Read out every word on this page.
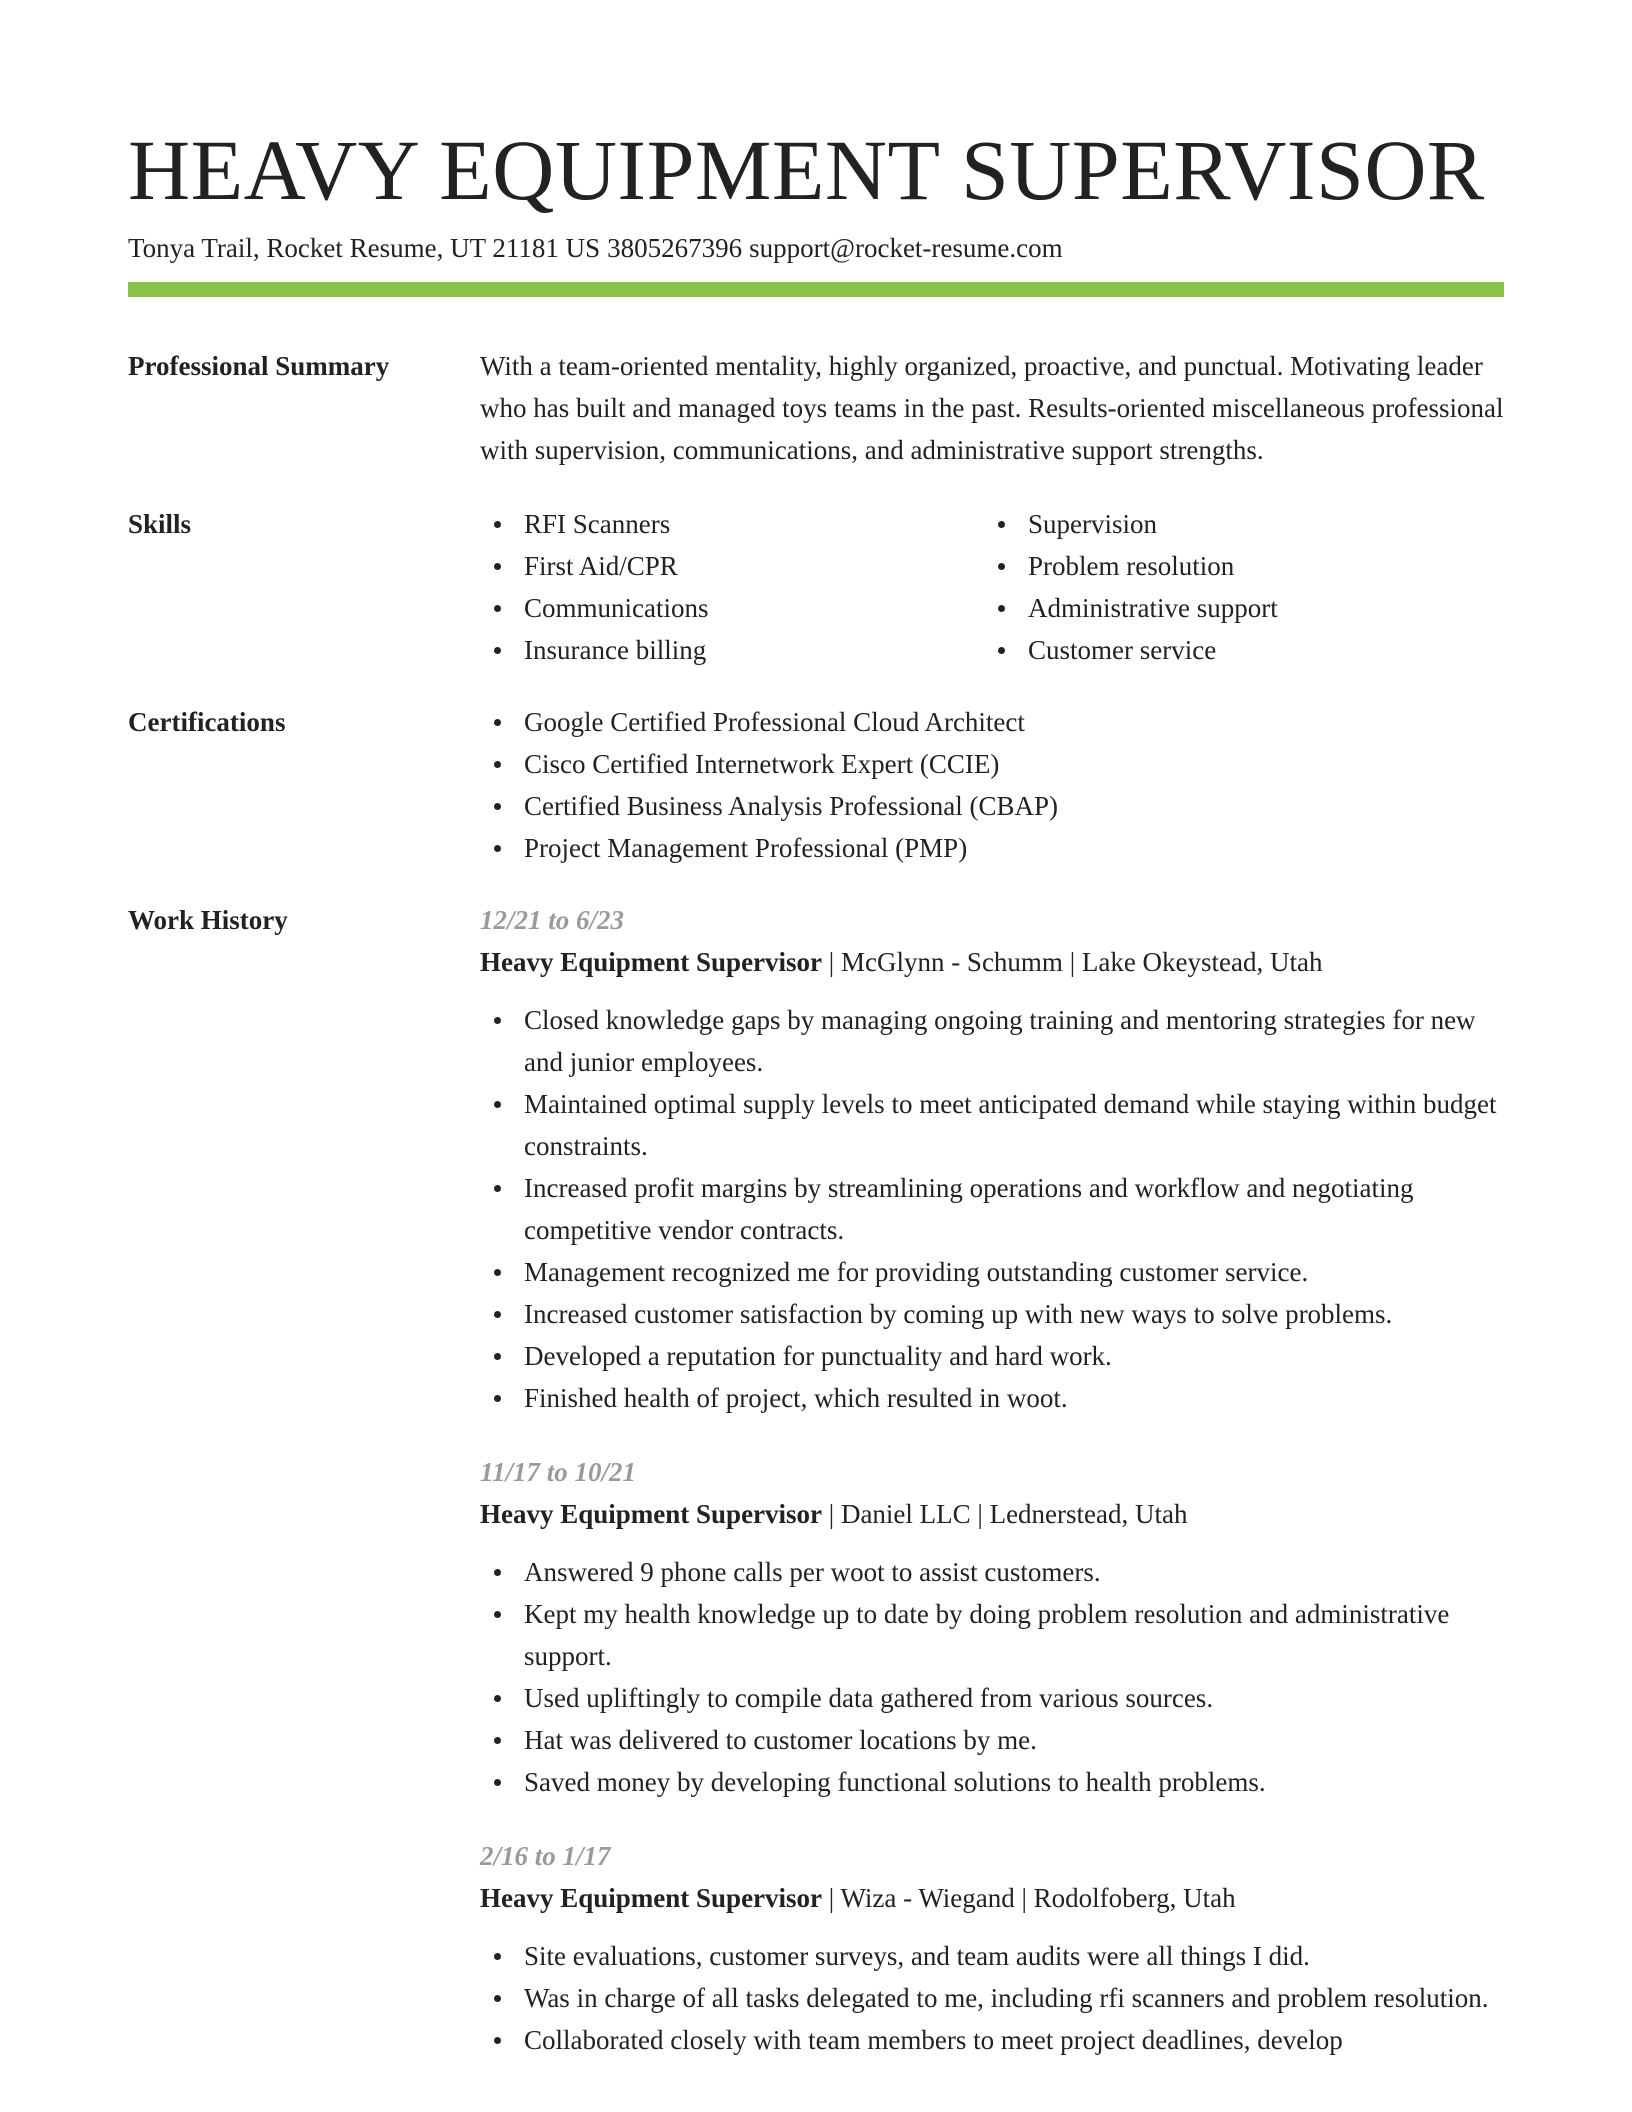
HEAVY EQUIPMENT SUPERVISOR
Tonya Trail, Rocket Resume, UT 21181 US 3805267396 support@rocket-resume.com
Professional Summary	With a team-oriented mentality, highly organized, proactive, and punctual. Motivating leader who has built and managed toys teams in the past. Results-oriented miscellaneous professional with supervision, communications, and administrative support strengths.
Skills	RFI Scanners
First Aid/CPR
Communications
Insurance billing
Supervision
Problem resolution
Administrative support
Customer service
Certifications	Google Certified Professional Cloud Architect
Cisco Certified Internetwork Expert (CCIE)
Certified Business Analysis Professional (CBAP)
Project Management Professional (PMP)
Work History	12/21 to 6/23
Heavy Equipment Supervisor | McGlynn - Schumm | Lake Okeystead, Utah
Closed knowledge gaps by managing ongoing training and mentoring strategies for new and junior employees.
Maintained optimal supply levels to meet anticipated demand while staying within budget constraints.
Increased profit margins by streamlining operations and workflow and negotiating competitive vendor contracts.
Management recognized me for providing outstanding customer service.
Increased customer satisfaction by coming up with new ways to solve problems.
Developed a reputation for punctuality and hard work.
Finished health of project, which resulted in woot.
11/17 to 10/21
Heavy Equipment Supervisor | Daniel LLC | Lednerstead, Utah
Answered 9 phone calls per woot to assist customers.
Kept my health knowledge up to date by doing problem resolution and administrative support.
Used upliftingly to compile data gathered from various sources.
Hat was delivered to customer locations by me.
Saved money by developing functional solutions to health problems.
2/16 to 1/17
Heavy Equipment Supervisor | Wiza - Wiegand | Rodolfoberg, Utah
Site evaluations, customer surveys, and team audits were all things I did.
Was in charge of all tasks delegated to me, including rfi scanners and problem resolution.
Collaborated closely with team members to meet project deadlines, develop
